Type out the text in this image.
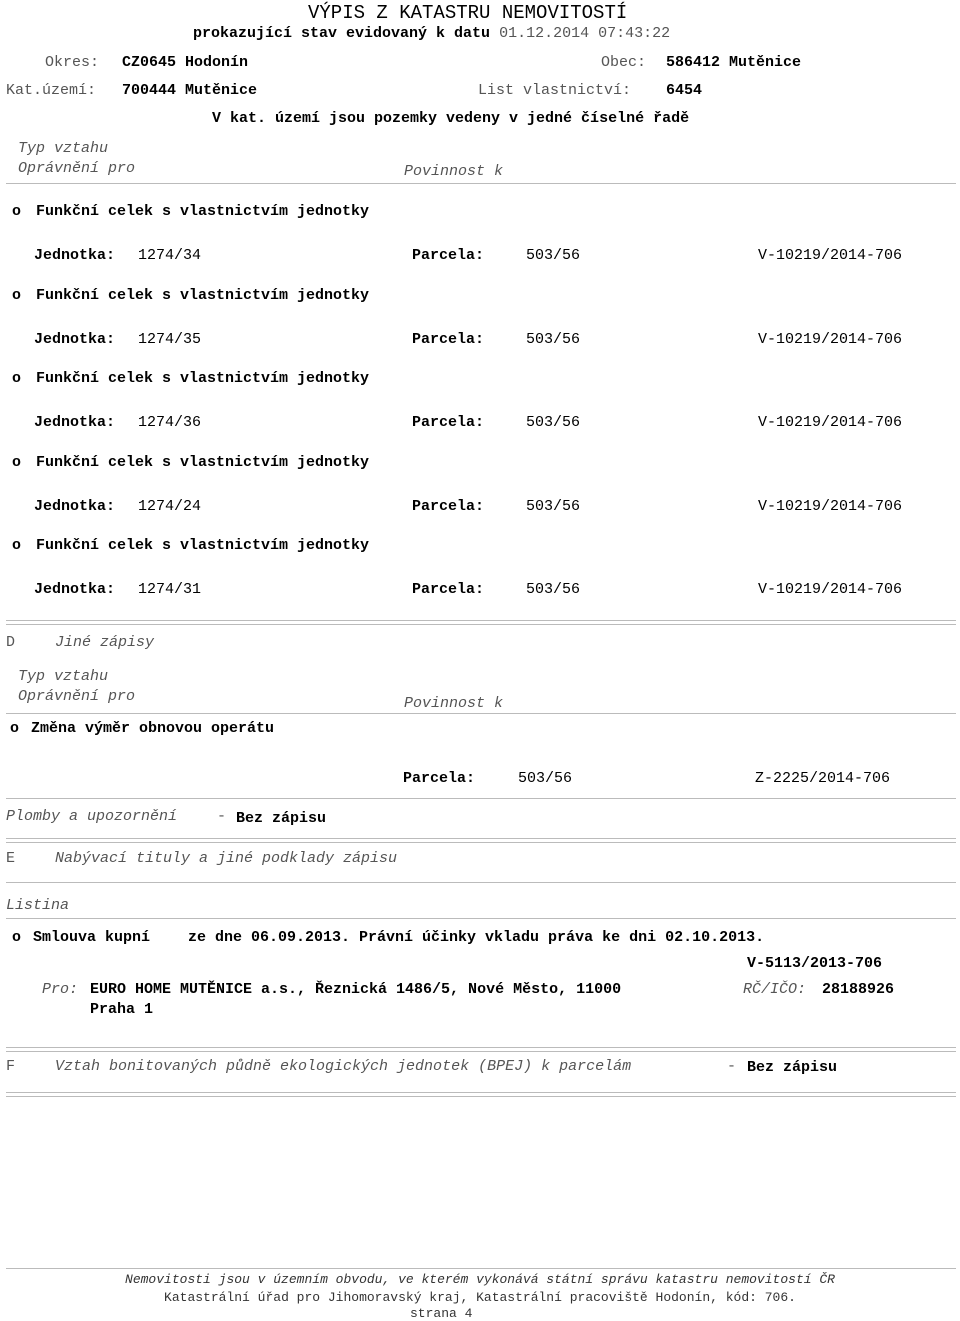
VÝPIS Z KATASTRU NEMOVITOSTÍ
prokazující stav evidovaný k datu 01.12.2014 07:43:22
Okres: CZ0645 Hodonín	Obec: 586412 Mutěnice
Kat.území: 700444 Mutěnice	List vlastnictví: 6454
V kat. území jsou pozemky vedeny v jedné číselné řadě
Typ vztahu
Oprávnění pro	Povinnost k
o Funkční celek s vlastnictvím jednotky
Jednotka: 1274/34	Parcela:	503/56	V-10219/2014-706
o Funkční celek s vlastnictvím jednotky
Jednotka: 1274/35	Parcela:	503/56	V-10219/2014-706
o Funkční celek s vlastnictvím jednotky
Jednotka: 1274/36	Parcela:	503/56	V-10219/2014-706
o Funkční celek s vlastnictvím jednotky
Jednotka: 1274/24	Parcela:	503/56	V-10219/2014-706
o Funkční celek s vlastnictvím jednotky
Jednotka: 1274/31	Parcela:	503/56	V-10219/2014-706
D	Jiné zápisy
Typ vztahu
Oprávnění pro	Povinnost k
o Změna výměr obnovou operátu
Parcela:	503/56	Z-2225/2014-706
Plomby a upozornění	- Bez zápisu
E	Nabývací tituly a jiné podklady zápisu
Listina
o Smlouva kupní	ze dne 06.09.2013. Právní účinky vkladu práva ke dni 02.10.2013.
V-5113/2013-706
Pro: EURO HOME MUTĚNICE a.s., Řeznická 1486/5, Nové Město, 11000
Praha 1
RČ/IČO: 28188926
F	Vztah bonitovaných půdně ekologických jednotek (BPEJ) k parcelám	- Bez zápisu
Nemovitosti jsou v územním obvodu, ve kterém vykonává státní správu katastru nemovitostí ČR
Katastrální úřad pro Jihomoravský kraj, Katastrální pracoviště Hodonín, kód: 706.
strana 4
